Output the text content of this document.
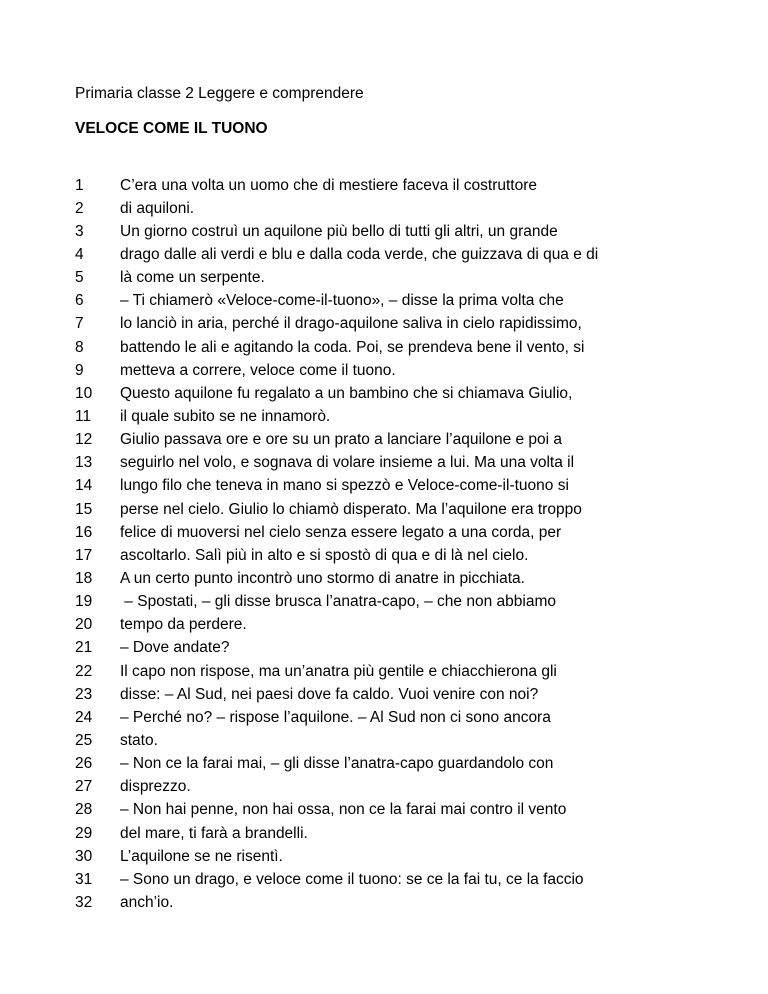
Primaria classe 2 Leggere e comprendere
VELOCE COME IL TUONO
1	C’era una volta un uomo che di mestiere faceva il costruttore
2	di aquiloni.
3	Un giorno costruì un aquilone più bello di tutti gli altri, un grande
4	drago dalle ali verdi e blu e dalla coda verde, che guizzava di qua e di
5	là come un serpente.
6	– Ti chiamerò «Veloce-come-il-tuono», – disse la prima volta che
7	lo lanciò in aria, perché il drago-aquilone saliva in cielo rapidissimo,
8	battendo le ali e agitando la coda. Poi, se prendeva bene il vento, si
9	metteva a correre, veloce come il tuono.
10	Questo aquilone fu regalato a un bambino che si chiamava Giulio,
11	il quale subito se ne innamorò.
12	Giulio passava ore e ore su un prato a lanciare l’aquilone e poi a
13	seguirlo nel volo, e sognava di volare insieme a lui. Ma una volta il
14	lungo filo che teneva in mano si spezzò e Veloce-come-il-tuono si
15	perse nel cielo. Giulio lo chiamò disperato. Ma l’aquilone era troppo
16	felice di muoversi nel cielo senza essere legato a una corda, per
17	ascoltarlo. Salì più in alto e si spostò di qua e di là nel cielo.
18	A un certo punto incontrò uno stormo di anatre in picchiata.
19	– Spostati, – gli disse brusca l’anatra-capo, – che non abbiamo
20	tempo da perdere.
21	– Dove andate?
22	Il capo non rispose, ma un’anatra più gentile e chiacchierona gli
23	disse: – Al Sud, nei paesi dove fa caldo. Vuoi venire con noi?
24	– Perché no? – rispose l’aquilone. – Al Sud non ci sono ancora
25	stato.
26	– Non ce la farai mai, – gli disse l’anatra-capo guardandolo con
27	disprezzo.
28	– Non hai penne, non hai ossa, non ce la farai mai contro il vento
29	del mare, ti farà a brandelli.
30	L’aquilone se ne risentì.
31	– Sono un drago, e veloce come il tuono: se ce la fai tu, ce la faccio
32	anch’io.
